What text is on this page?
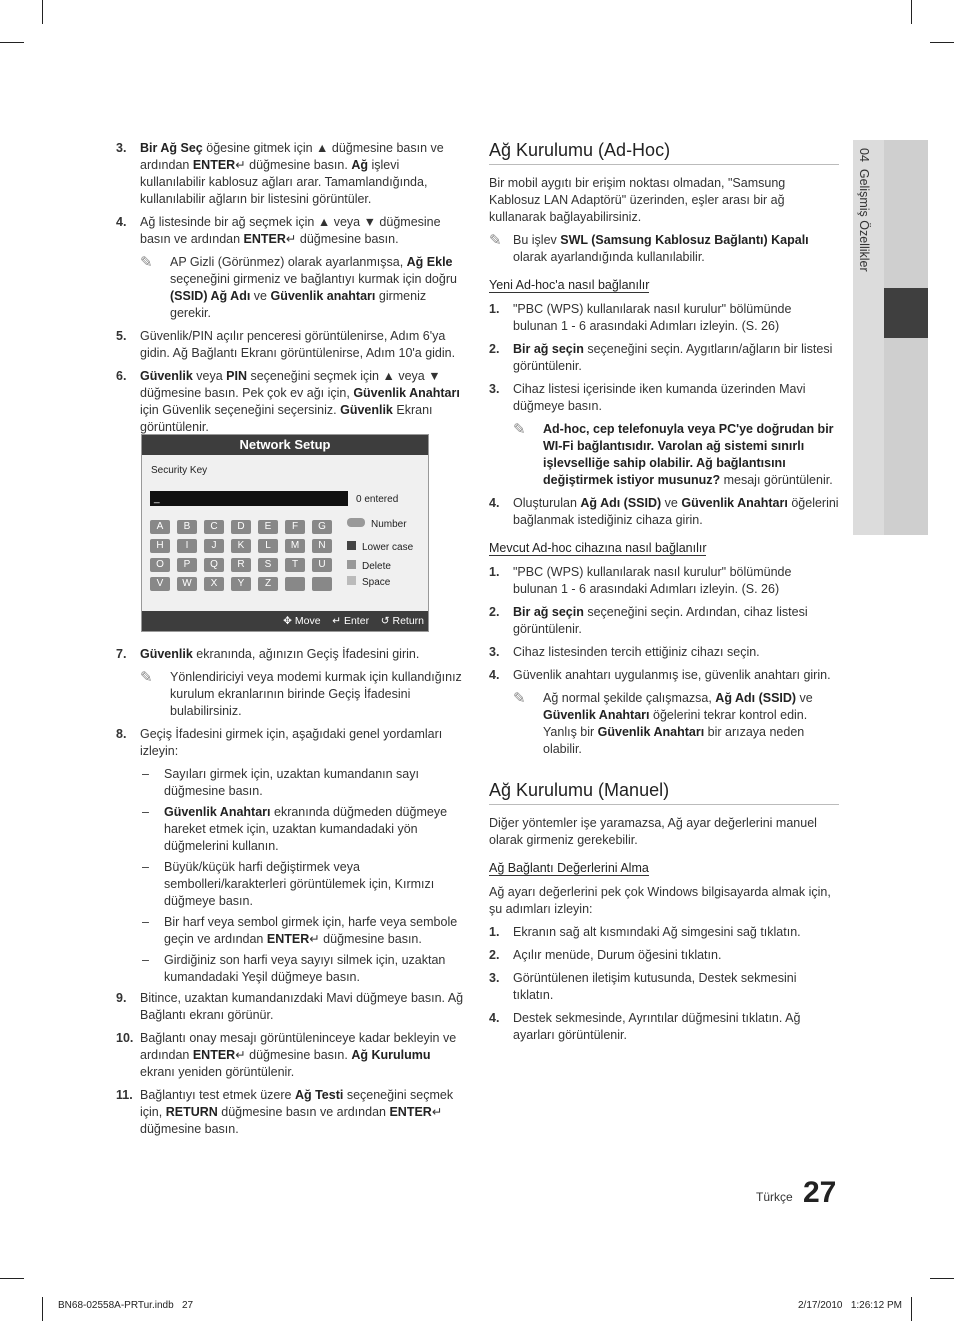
04  Gelişmiş Özellikler
3. Bir Ağ Seç öğesine gitmek için ▲ düğmesine basın ve ardından ENTER↵ düğmesine basın. Ağ işlevi kullanılabilir kablosuz ağları arar. Tamamlandığında, kullanılabilir ağların bir listesini görüntüler.
4. Ağ listesinde bir ağ seçmek için ▲ veya ▼ düğmesine basın ve ardından ENTER↵ düğmesine basın.
✎ AP Gizli (Görünmez) olarak ayarlanmışsa, Ağ Ekle seçeneğini girmeniz ve bağlantıyı kurmak için doğru (SSID) Ağ Adı ve Güvenlik anahtarı girmeniz gerekir.
5. Güvenlik/PIN açılır penceresi görüntülenirse, Adım 6'ya gidin. Ağ Bağlantı Ekranı görüntülenirse, Adım 10'a gidin.
6. Güvenlik veya PIN seçeneğini seçmek için ▲ veya ▼ düğmesine basın. Pek çok ev ağı için, Güvenlik Anahtarı için Güvenlik seçeneğini seçersiniz. Güvenlik Ekranı görüntülenir.
Network Setup
Security Key
_	0 entered
A	B	C	D	E	F	G
H	I	J	K	L	M	N
O	P	Q	R	S	T	U
V	W	X	Y	Z
Number
Lower case
Delete
Space
✥ Move ↵ Enter ↺ Return
7. Güvenlik ekranında, ağınızın Geçiş İfadesini girin.
✎ Yönlendiriciyi veya modemi kurmak için kullandığınız kurulum ekranlarının birinde Geçiş İfadesini bulabilirsiniz.
8. Geçiş İfadesini girmek için, aşağıdaki genel yordamları izleyin:
– Sayıları girmek için, uzaktan kumandanın sayı düğmesine basın.
– Güvenlik Anahtarı ekranında düğmeden düğmeye hareket etmek için, uzaktan kumandadaki yön düğmelerini kullanın.
– Büyük/küçük harfi değiştirmek veya sembolleri/karakterleri görüntülemek için, Kırmızı düğmeye basın.
– Bir harf veya sembol girmek için, harfe veya sembole geçin ve ardından ENTER↵ düğmesine basın.
– Girdiğiniz son harfi veya sayıyı silmek için, uzaktan kumandadaki Yeşil düğmeye basın.
9. Bitince, uzaktan kumandanızdaki Mavi düğmeye basın. Ağ Bağlantı ekranı görünür.
10. Bağlantı onay mesajı görüntüleninceye kadar bekleyin ve ardından ENTER↵ düğmesine basın. Ağ Kurulumu ekranı yeniden görüntülenir.
11. Bağlantıyı test etmek üzere Ağ Testi seçeneğini seçmek için, RETURN düğmesine basın ve ardından ENTER↵ düğmesine basın.
Ağ Kurulumu (Ad-Hoc)
Bir mobil aygıtı bir erişim noktası olmadan, "Samsung Kablosuz LAN Adaptörü" üzerinden, eşler arası bir ağ kullanarak bağlayabilirsiniz.
✎ Bu işlev SWL (Samsung Kablosuz Bağlantı) Kapalı olarak ayarlandığında kullanılabilir.
Yeni Ad-hoc'a nasıl bağlanılır
1. "PBC (WPS) kullanılarak nasıl kurulur" bölümünde bulunan 1 - 6 arasındaki Adımları izleyin. (S. 26)
2. Bir ağ seçin seçeneğini seçin. Aygıtların/ağların bir listesi görüntülenir.
3. Cihaz listesi içerisinde iken kumanda üzerinden Mavi düğmeye basın.
✎ Ad-hoc, cep telefonuyla veya PC'ye doğrudan bir WI-Fi bağlantısıdır. Varolan ağ sistemi sınırlı işlevselliğe sahip olabilir. Ağ bağlantısını değiştirmek istiyor musunuz? mesajı görüntülenir.
4. Oluşturulan Ağ Adı (SSID) ve Güvenlik Anahtarı öğelerini bağlanmak istediğiniz cihaza girin.
Mevcut Ad-hoc cihazına nasıl bağlanılır
1. "PBC (WPS) kullanılarak nasıl kurulur" bölümünde bulunan 1 - 6 arasındaki Adımları izleyin. (S. 26)
2. Bir ağ seçin seçeneğini seçin. Ardından, cihaz listesi görüntülenir.
3. Cihaz listesinden tercih ettiğiniz cihazı seçin.
4. Güvenlik anahtarı uygulanmış ise, güvenlik anahtarı girin.
✎ Ağ normal şekilde çalışmazsa, Ağ Adı (SSID) ve Güvenlik Anahtarı öğelerini tekrar kontrol edin. Yanlış bir Güvenlik Anahtarı bir arızaya neden olabilir.
Ağ Kurulumu (Manuel)
Diğer yöntemler işe yaramazsa, Ağ ayar değerlerini manuel olarak girmeniz gerekebilir.
Ağ Bağlantı Değerlerini Alma
Ağ ayarı değerlerini pek çok Windows bilgisayarda almak için, şu adımları izleyin:
1. Ekranın sağ alt kısmındaki Ağ simgesini sağ tıklatın.
2. Açılır menüde, Durum öğesini tıklatın.
3. Görüntülenen iletişim kutusunda, Destek sekmesini tıklatın.
4. Destek sekmesinde, Ayrıntılar düğmesini tıklatın. Ağ ayarları görüntülenir.
Türkçe 27
BN68-02558A-PRTur.indb   27	2/17/2010   1:26:12 PM
